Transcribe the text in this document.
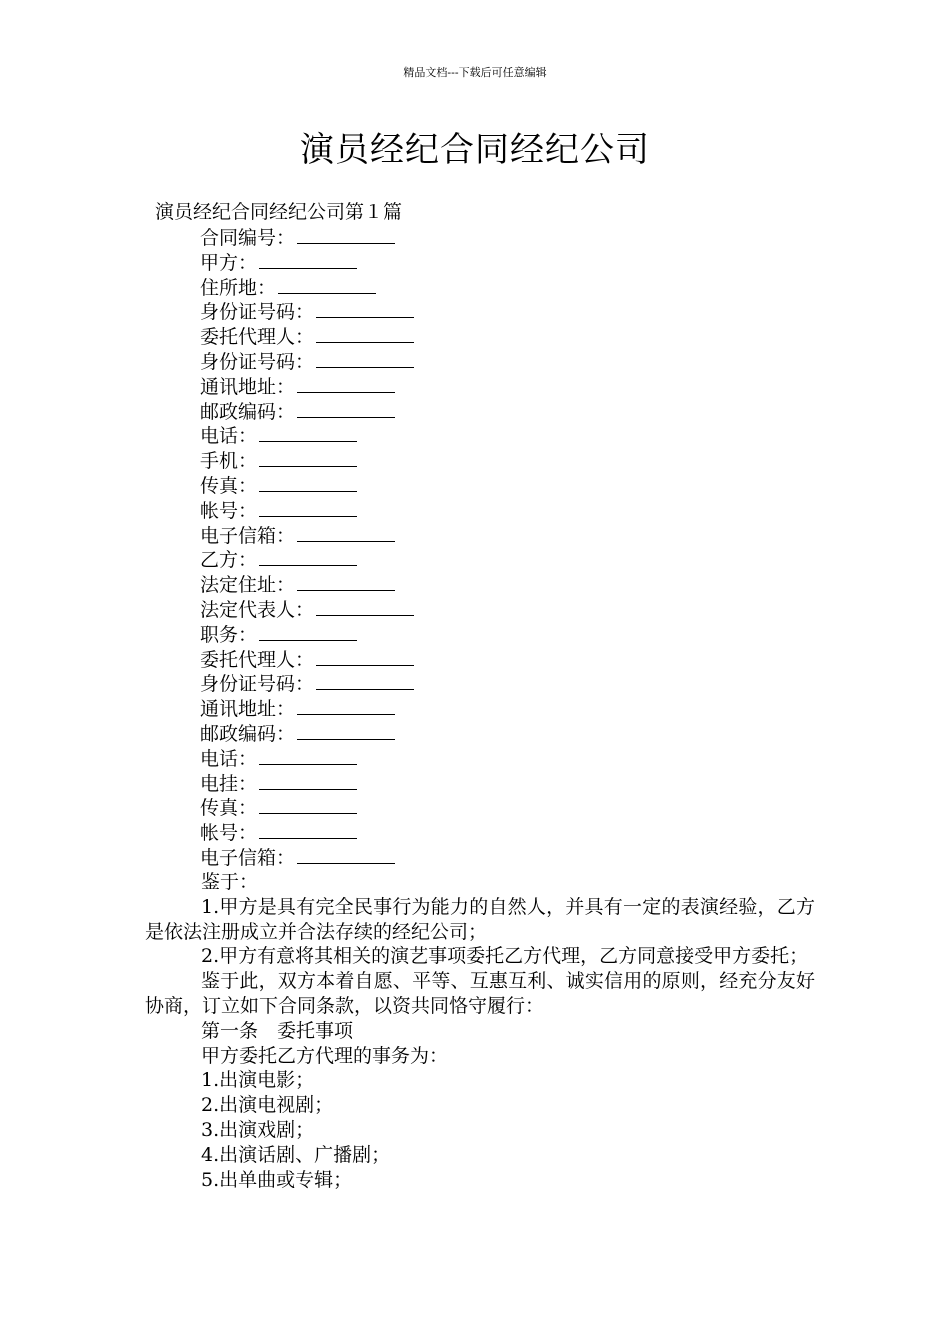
精品文档---下载后可任意编辑
演员经纪合同经纪公司
演员经纪合同经纪公司第１篇
合同编号：
甲方：
住所地：
身份证号码：
委托代理人：
身份证号码：
通讯地址：
邮政编码：
电话：
手机：
传真：
帐号：
电子信箱：
乙方：
法定住址：
法定代表人：
职务：
委托代理人：
身份证号码：
通讯地址：
邮政编码：
电话：
电挂：
传真：
帐号：
电子信箱：

鉴于：

1.甲方是具有完全民事行为能力的自然人，并具有一定的表演经验，乙方是依法注册成立并合法存续的经纪公司；

2.甲方有意将其相关的演艺事项委托乙方代理，乙方同意接受甲方委托；

鉴于此，双方本着自愿、平等、互惠互利、诚实信用的原则，经充分友好协商，订立如下合同条款，以资共同恪守履行：

第一条　委托事项

甲方委托乙方代理的事务为：

1.出演电影；

2.出演电视剧；

3.出演戏剧；

4.出演话剧、广播剧；

5.出单曲或专辑；
